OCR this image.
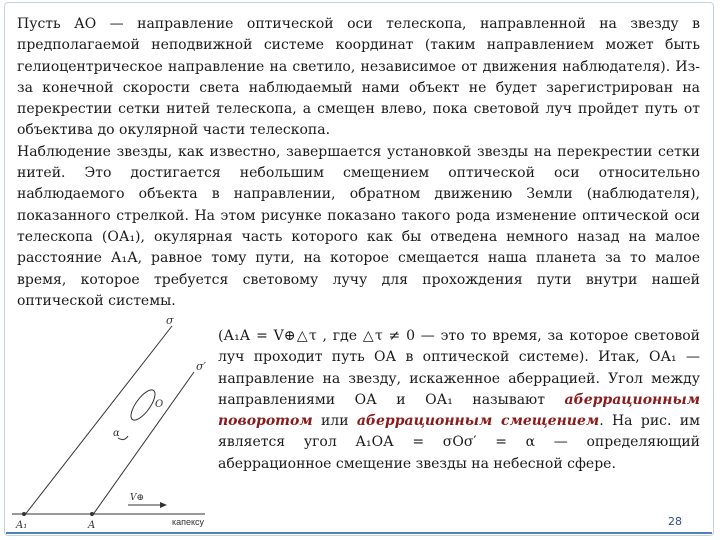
Пусть АО — направление оптической оси телескопа, направленной на звезду в предполагаемой неподвижной системе координат (таким направлением может быть гелиоцентрическое направление на светило, независимое от движения наблюдателя). Из-за конечной скорости света наблюдаемый нами объект не будет зарегистрирован на перекрестии сетки нитей телескопа, а смещен влево, пока световой луч пройдет путь от объектива до окулярной части телескопа.

Наблюдение звезды, как известно, завершается установкой звезды на перекрестии сетки нитей. Это достигается небольшим смещением оптической оси относительно наблюдаемого объекта в направлении, обратном движению Земли (наблюдателя), показанного стрелкой. На этом рисунке показано такого рода изменение оптической оси телескопа (ОА₁), окулярная часть которого как бы отведена немного назад на малое расстояние А₁А, равное тому пути, на которое смещается наша планета за то малое время, которое требуется световому лучу для прохождения пути внутри нашей оптической системы.

σ
σ′
O
α
V⊕
A₁	A	капексу

(А₁А = V⊕△τ , где △τ ≠ 0 — это то время, за которое световой луч проходит путь ОА в оптической системе). Итак, ОА₁ — направление на звезду, искаженное аберрацией. Угол между направлениями ОА и ОА₁ называют аберрационным поворотом или аберрационным смещением. На рис. им является угол А₁ОА = σОσ′ = α — определяющий аберрационное смещение звезды на небесной сфере.

28
